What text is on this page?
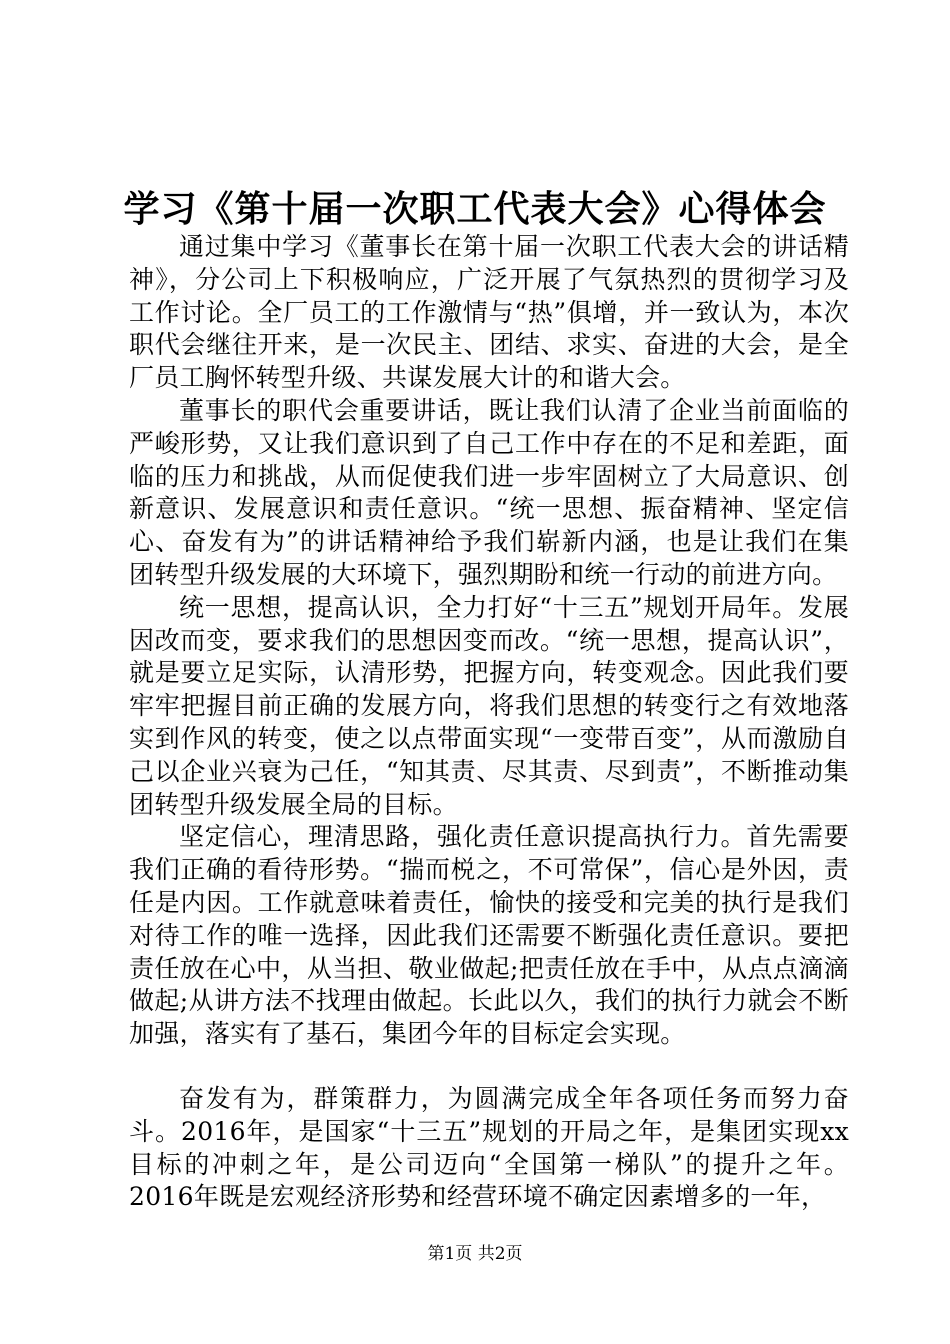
学习《第十届一次职工代表大会》心得体会

通过集中学习《董事长在第十届一次职工代表大会的讲话精神》，分公司上下积极响应，广泛开展了气氛热烈的贯彻学习及工作讨论。全厂员工的工作激情与“热”俱增，并一致认为，本次职代会继往开来，是一次民主、团结、求实、奋进的大会，是全厂员工胸怀转型升级、共谋发展大计的和谐大会。

董事长的职代会重要讲话，既让我们认清了企业当前面临的严峻形势，又让我们意识到了自己工作中存在的不足和差距，面临的压力和挑战，从而促使我们进一步牢固树立了大局意识、创新意识、发展意识和责任意识。“统一思想、振奋精神、坚定信心、奋发有为”的讲话精神给予我们崭新内涵，也是让我们在集团转型升级发展的大环境下，强烈期盼和统一行动的前进方向。

统一思想，提高认识，全力打好“十三五”规划开局年。发展因改而变，要求我们的思想因变而改。“统一思想，提高认识”，就是要立足实际，认清形势，把握方向，转变观念。因此我们要牢牢把握目前正确的发展方向，将我们思想的转变行之有效地落实到作风的转变，使之以点带面实现“一变带百变”，从而激励自己以企业兴衰为己任，“知其责、尽其责、尽到责”，不断推动集团转型升级发展全局的目标。

坚定信心，理清思路，强化责任意识提高执行力。首先需要我们正确的看待形势。“揣而棁之，不可常保”，信心是外因，责任是内因。工作就意味着责任，愉快的接受和完美的执行是我们对待工作的唯一选择，因此我们还需要不断强化责任意识。要把责任放在心中，从当担、敬业做起;把责任放在手中，从点点滴滴做起;从讲方法不找理由做起。长此以久，我们的执行力就会不断加强，落实有了基石，集团今年的目标定会实现。

奋发有为，群策群力，为圆满完成全年各项任务而努力奋斗。2016年，是国家“十三五”规划的开局之年，是集团实现xx目标的冲刺之年，是公司迈向“全国第一梯队”的提升之年。2016年既是宏观经济形势和经营环境不确定因素增多的一年，

第1页 共2页
